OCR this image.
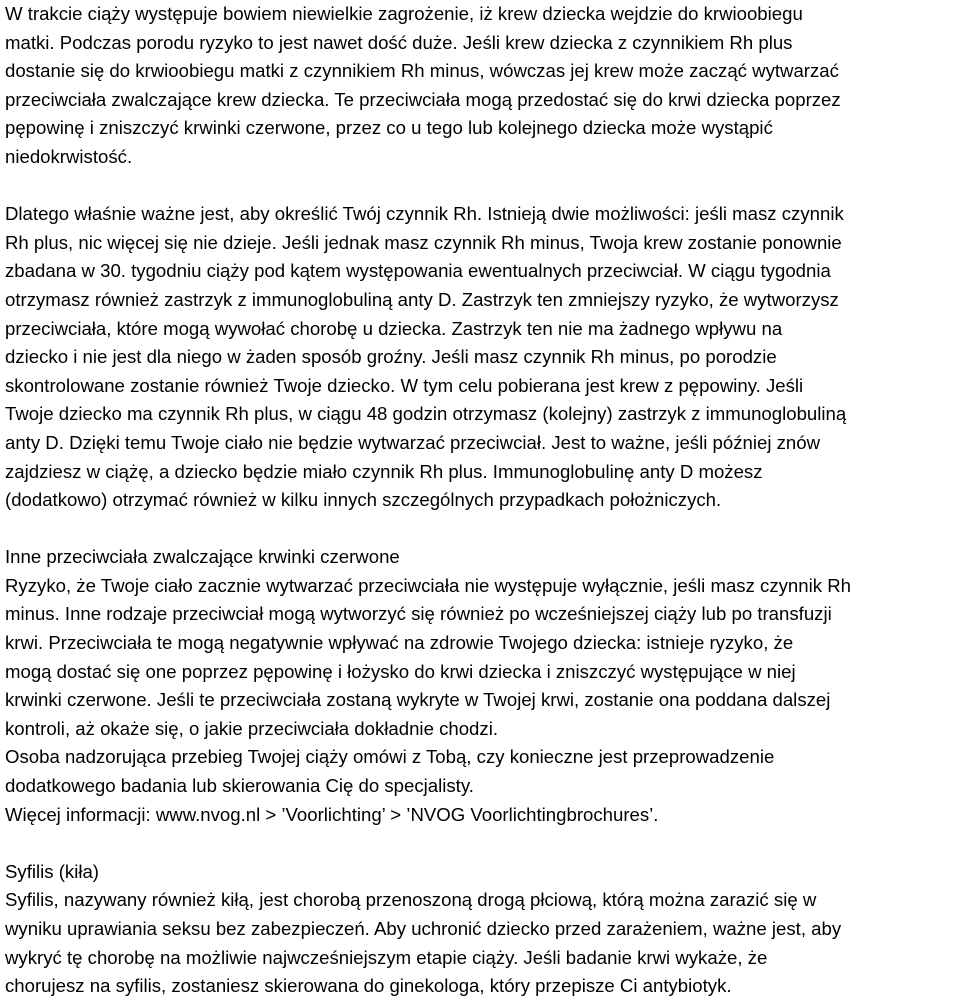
W trakcie ciąży występuje bowiem niewielkie zagrożenie, iż krew dziecka wejdzie do krwioobiegu
matki. Podczas porodu ryzyko to jest nawet dość duże. Jeśli krew dziecka z czynnikiem Rh plus
dostanie się do krwioobiegu matki z czynnikiem Rh minus, wówczas jej krew może zacząć wytwarzać
przeciwciała zwalczające krew dziecka. Te przeciwciała mogą przedostać się do krwi dziecka poprzez
pępowinę i zniszczyć krwinki czerwone, przez co u tego lub kolejnego dziecka może wystąpić
niedokrwistość.
Dlatego właśnie ważne jest, aby określić Twój czynnik Rh. Istnieją dwie możliwości: jeśli masz czynnik
Rh plus, nic więcej się nie dzieje. Jeśli jednak masz czynnik Rh minus, Twoja krew zostanie ponownie
zbadana w 30. tygodniu ciąży pod kątem występowania ewentualnych przeciwciał. W ciągu tygodnia
otrzymasz również zastrzyk z immunoglobuliną anty D. Zastrzyk ten zmniejszy ryzyko, że wytworzysz
przeciwciała, które mogą wywołać chorobę u dziecka. Zastrzyk ten nie ma żadnego wpływu na
dziecko i nie jest dla niego w żaden sposób groźny. Jeśli masz czynnik Rh minus, po porodzie
skontrolowane zostanie również Twoje dziecko. W tym celu pobierana jest krew z pępowiny. Jeśli
Twoje dziecko ma czynnik Rh plus, w ciągu 48 godzin otrzymasz (kolejny) zastrzyk z immunoglobuliną
anty D. Dzięki temu Twoje ciało nie będzie wytwarzać przeciwciał. Jest to ważne, jeśli później znów
zajdziesz w ciążę, a dziecko będzie miało czynnik Rh plus. Immunoglobulinę anty D możesz
(dodatkowo) otrzymać również w kilku innych szczególnych przypadkach położniczych.
Inne przeciwciała zwalczające krwinki czerwone
Ryzyko, że Twoje ciało zacznie wytwarzać przeciwciała nie występuje wyłącznie, jeśli masz czynnik Rh
minus. Inne rodzaje przeciwciał mogą wytworzyć się również po wcześniejszej ciąży lub po transfuzji
krwi. Przeciwciała te mogą negatywnie wpływać na zdrowie Twojego dziecka: istnieje ryzyko, że
mogą dostać się one poprzez pępowinę i łożysko do krwi dziecka i zniszczyć występujące w niej
krwinki czerwone. Jeśli te przeciwciała zostaną wykryte w Twojej krwi, zostanie ona poddana dalszej
kontroli, aż okaże się, o jakie przeciwciała dokładnie chodzi.
Osoba nadzorująca przebieg Twojej ciąży omówi z Tobą, czy konieczne jest przeprowadzenie
dodatkowego badania lub skierowania Cię do specjalisty.
Więcej informacji: www.nvog.nl > ’Voorlichting’ > ’NVOG Voorlichtingbrochures’.
Syfilis (kiła)
Syfilis, nazywany również kiłą, jest chorobą przenoszoną drogą płciową, którą można zarazić się w
wyniku uprawiania seksu bez zabezpieczeń. Aby uchronić dziecko przed zarażeniem, ważne jest, aby
wykryć tę chorobę na możliwie najwcześniejszym etapie ciąży. Jeśli badanie krwi wykaże, że
chorujesz na syfilis, zostaniesz skierowana do ginekologa, który przepisze Ci antybiotyk.
